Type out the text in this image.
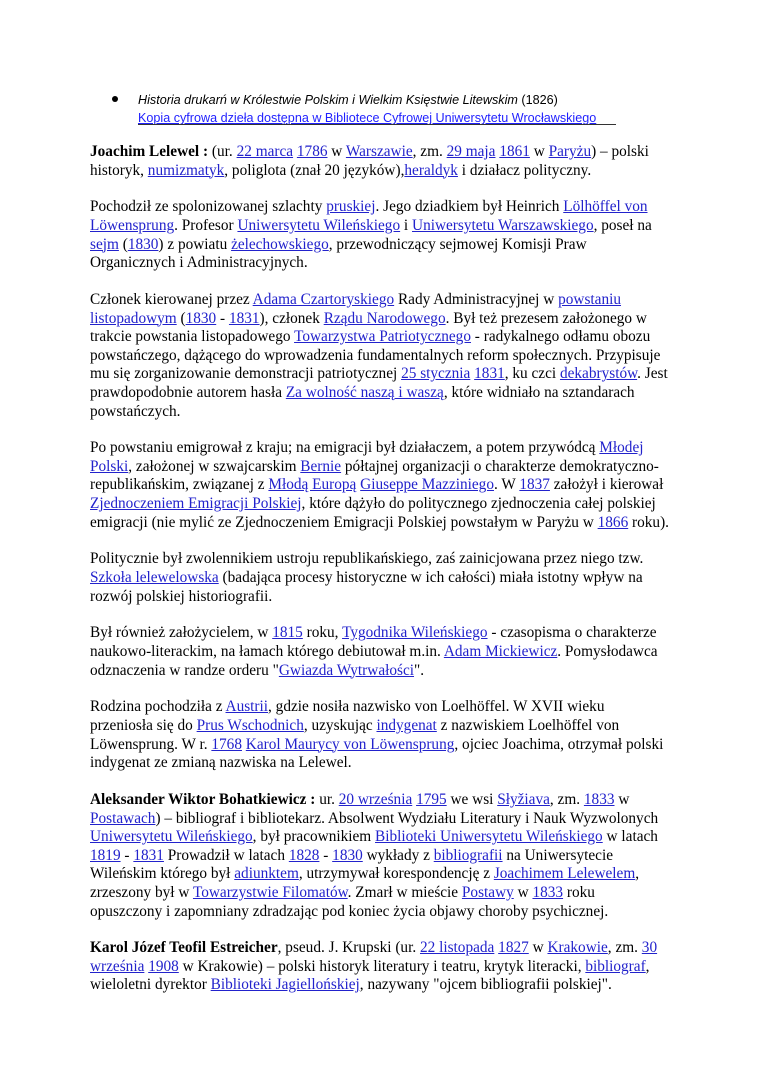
Historia drukarń w Królestwie Polskim i Wielkim Księstwie Litewskim (1826)
Kopia cyfrowa dzieła dostępna w Bibliotece Cyfrowej Uniwersytetu Wrocławskiego

Joachim Lelewel : (ur. 22 marca 1786 w Warszawie, zm. 29 maja 1861 w Paryżu) – polski historyk, numizmatyk, poliglota (znał 20 języków),heraldyk i działacz polityczny.

Pochodził ze spolonizowanej szlachty pruskiej. Jego dziadkiem był Heinrich Lölhöffel von Löwensprung. Profesor Uniwersytetu Wileńskiego i Uniwersytetu Warszawskiego, poseł na sejm (1830) z powiatu żelechowskiego, przewodniczący sejmowej Komisji Praw Organicznych i Administracyjnych.

Członek kierowanej przez Adama Czartoryskiego Rady Administracyjnej w powstaniu listopadowym (1830 - 1831), członek Rządu Narodowego. Był też prezesem założonego w trakcie powstania listopadowego Towarzystwa Patriotycznego - radykalnego odłamu obozu powstańczego, dążącego do wprowadzenia fundamentalnych reform społecznych. Przypisuje mu się zorganizowanie demonstracji patriotycznej 25 stycznia 1831, ku czci dekabrystów. Jest prawdopodobnie autorem hasła Za wolność naszą i waszą, które widniało na sztandarach powstańczych.

Po powstaniu emigrował z kraju; na emigracji był działaczem, a potem przywódcą Młodej Polski, założonej w szwajcarskim Bernie półtajnej organizacji o charakterze demokratyczno-republikańskim, związanej z Młodą Europą Giuseppe Mazziniego. W 1837 założył i kierował Zjednoczeniem Emigracji Polskiej, które dążyło do politycznego zjednoczenia całej polskiej emigracji (nie mylić ze Zjednoczeniem Emigracji Polskiej powstałym w Paryżu w 1866 roku).

Politycznie był zwolennikiem ustroju republikańskiego, zaś zainicjowana przez niego tzw. Szkoła lelewelowska (badająca procesy historyczne w ich całości) miała istotny wpływ na rozwój polskiej historiografii.

Był również założycielem, w 1815 roku, Tygodnika Wileńskiego - czasopisma o charakterze naukowo-literackim, na łamach którego debiutował m.in. Adam Mickiewicz. Pomysłodawca odznaczenia w randze orderu "Gwiazda Wytrwałości".

Rodzina pochodziła z Austrii, gdzie nosiła nazwisko von Loelhöffel. W XVII wieku przeniosła się do Prus Wschodnich, uzyskując indygenat z nazwiskiem Loelhöffel von Löwensprung. W r. 1768 Karol Maurycy von Löwensprung, ojciec Joachima, otrzymał polski indygenat ze zmianą nazwiska na Lelewel.

Aleksander Wiktor Bohatkiewicz : ur. 20 września 1795 we wsi Słyžiava, zm. 1833 w Postawach) – bibliograf i bibliotekarz. Absolwent Wydziału Literatury i Nauk Wyzwolonych Uniwersytetu Wileńskiego, był pracownikiem Biblioteki Uniwersytetu Wileńskiego w latach 1819 - 1831 Prowadził w latach 1828 - 1830 wykłady z bibliografii na Uniwersytecie Wileńskim którego był adiunktem, utrzymywał korespondencję z Joachimem Lelewelem, zrzeszony był w Towarzystwie Filomatów. Zmarł w mieście Postawy w 1833 roku opuszczony i zapomniany zdradzając pod koniec życia objawy choroby psychicznej.

Karol Józef Teofil Estreicher, pseud. J. Krupski (ur. 22 listopada 1827 w Krakowie, zm. 30 września 1908 w Krakowie) – polski historyk literatury i teatru, krytyk literacki, bibliograf, wieloletni dyrektor Biblioteki Jagiellońskiej, nazywany "ojcem bibliografii polskiej".
